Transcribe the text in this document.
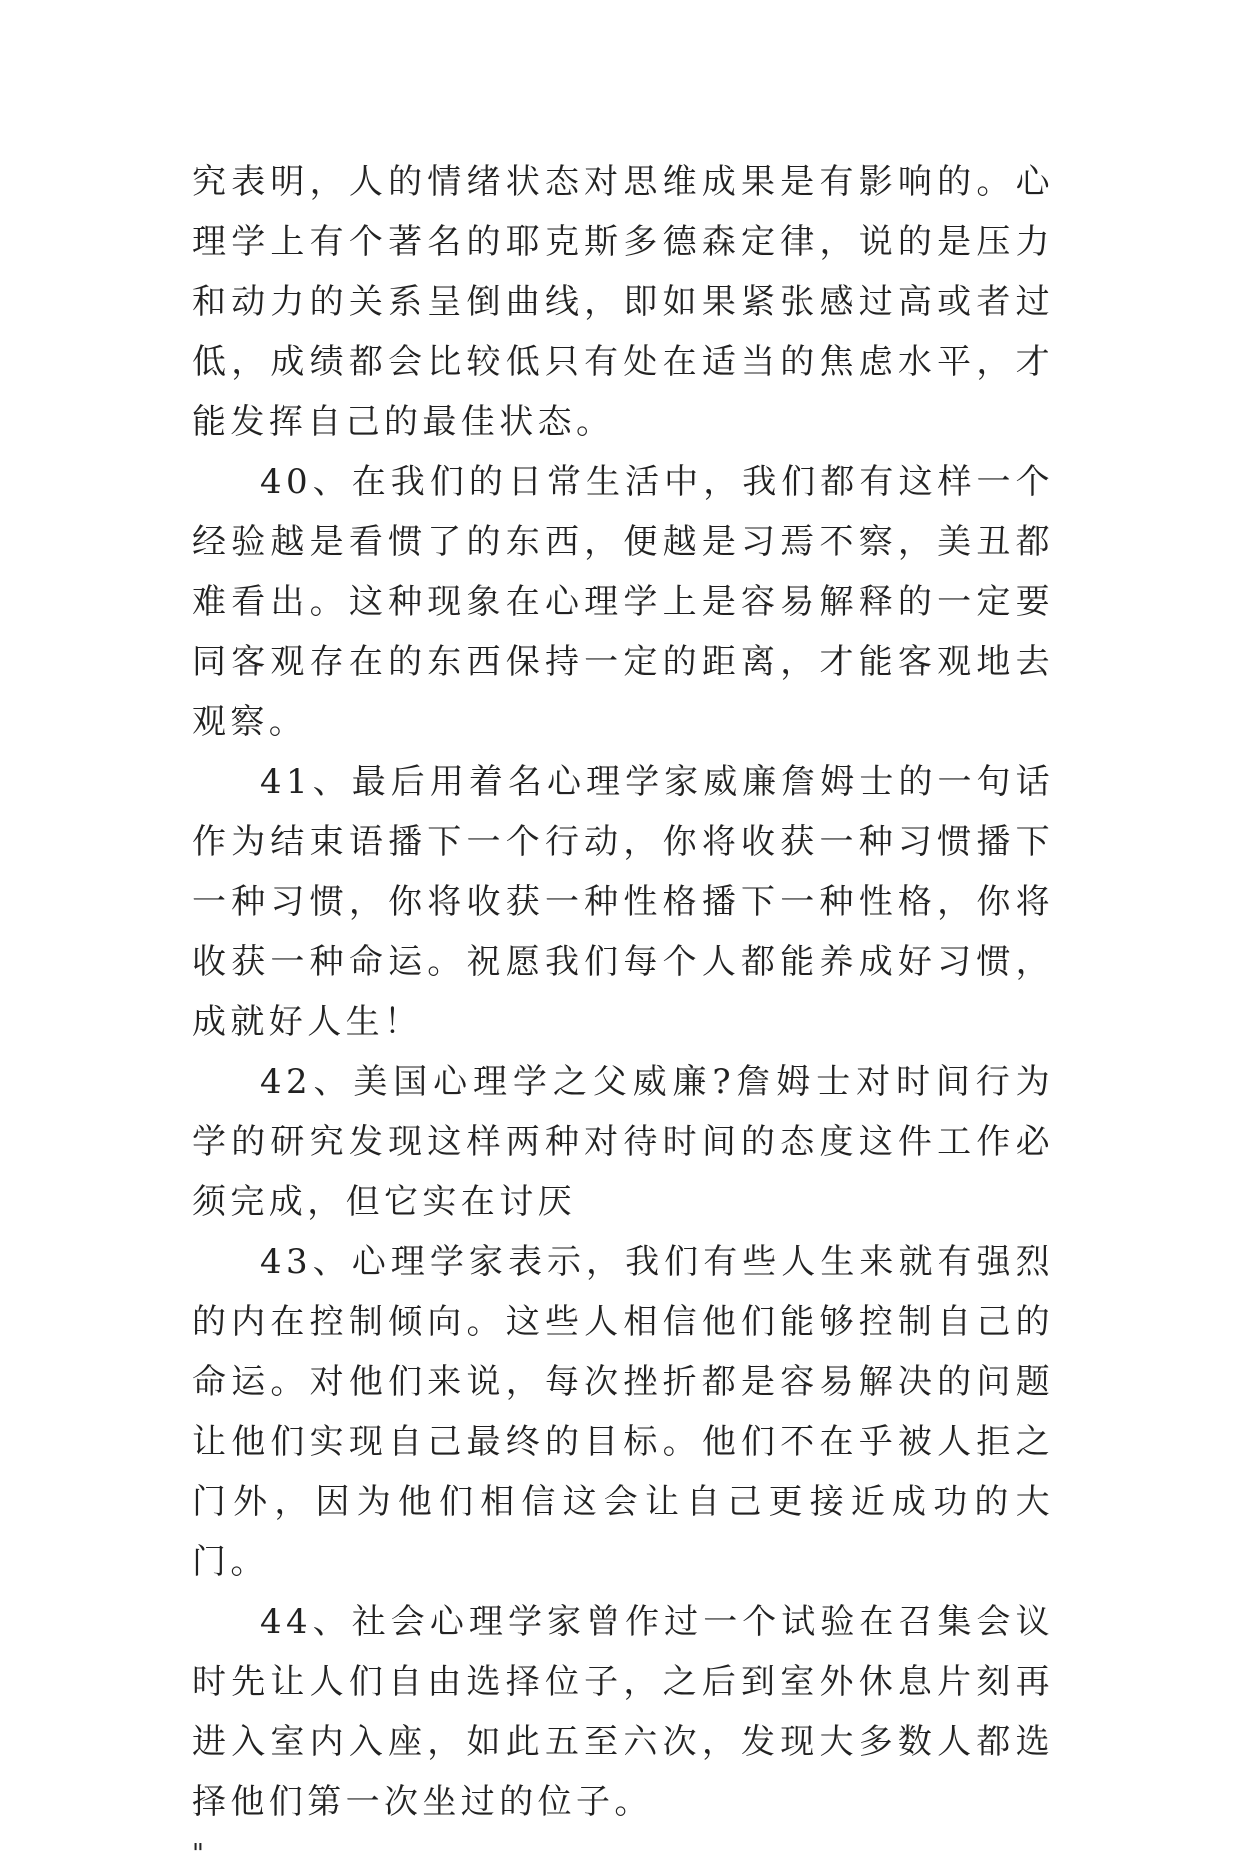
究表明，人的情绪状态对思维成果是有影响的。心理学上有个著名的耶克斯多德森定律，说的是压力和动力的关系呈倒曲线，即如果紧张感过高或者过低，成绩都会比较低只有处在适当的焦虑水平，才能发挥自己的最佳状态。

40、在我们的日常生活中，我们都有这样一个经验越是看惯了的东西，便越是习焉不察，美丑都难看出。这种现象在心理学上是容易解释的一定要同客观存在的东西保持一定的距离，才能客观地去观察。

41、最后用着名心理学家威廉詹姆士的一句话作为结束语播下一个行动，你将收获一种习惯播下一种习惯，你将收获一种性格播下一种性格，你将收获一种命运。祝愿我们每个人都能养成好习惯，成就好人生！

42、美国心理学之父威廉?詹姆士对时间行为学的研究发现这样两种对待时间的态度这件工作必须完成，但它实在讨厌

43、心理学家表示，我们有些人生来就有强烈的内在控制倾向。这些人相信他们能够控制自己的命运。对他们来说，每次挫折都是容易解决的问题让他们实现自己最终的目标。他们不在乎被人拒之门外，因为他们相信这会让自己更接近成功的大门。

44、社会心理学家曾作过一个试验在召集会议时先让人们自由选择位子，之后到室外休息片刻再进入室内入座，如此五至六次，发现大多数人都选择他们第一次坐过的位子。

"
